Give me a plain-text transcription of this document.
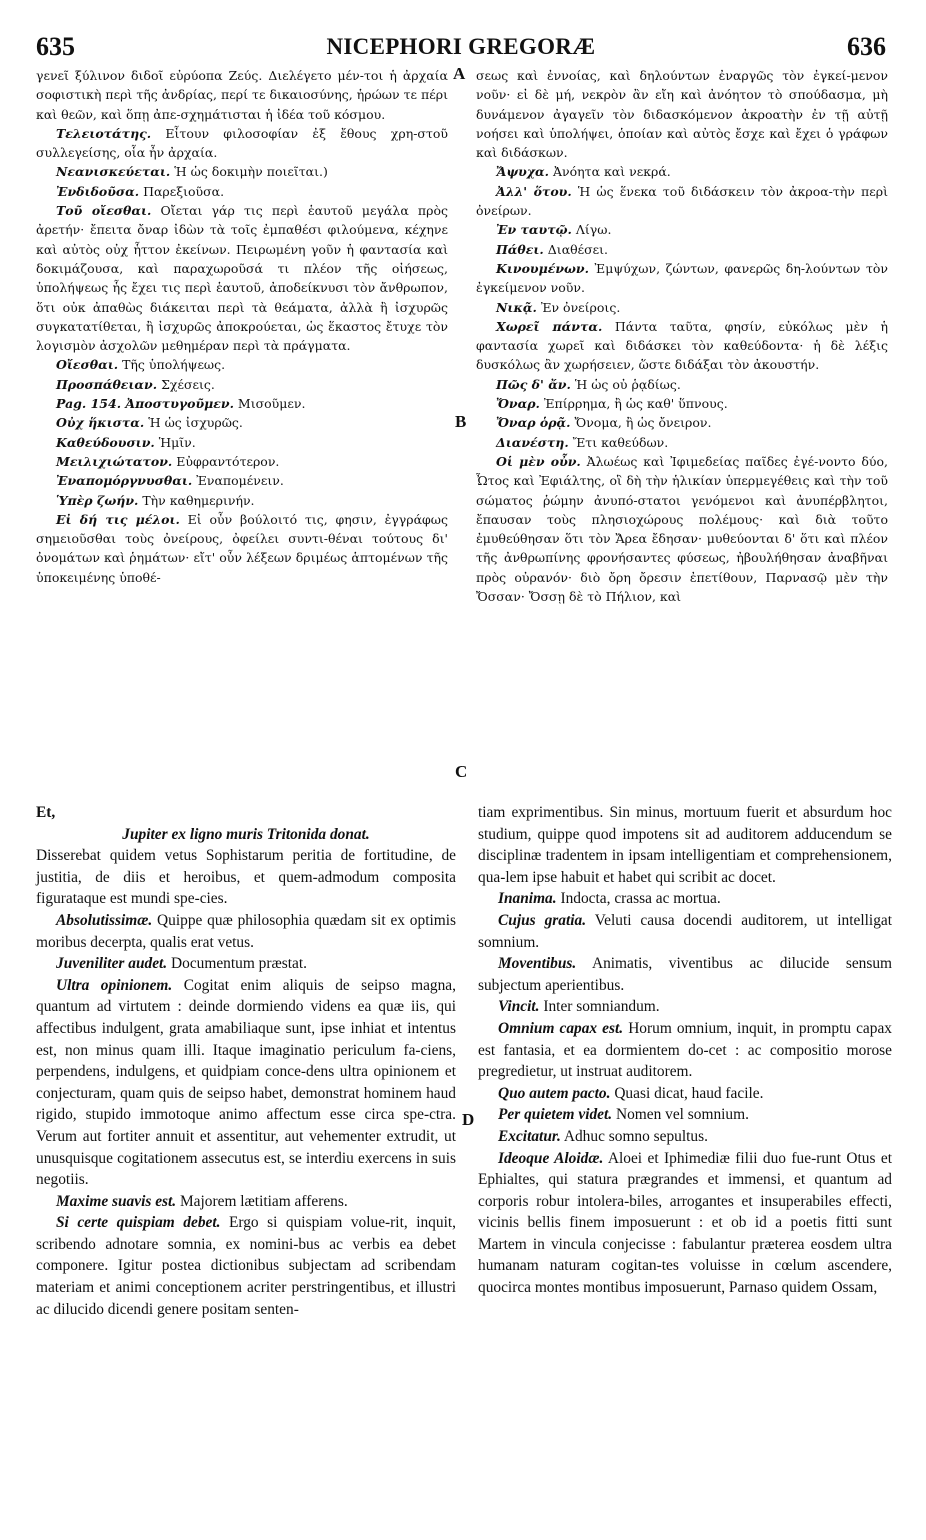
635	NICEPHORI GREGORÆ	636

γενεῖ ξύλινον διδοῖ εὐρύοπα Ζεύς. Διελέγετο μέν-τοι ἡ ἀρχαία σοφιστικὴ περὶ τῆς ἀνδρίας, περί τε δικαιοσύνης, ἡρώων τε πέρι καὶ θεῶν, καὶ ὅπῃ ἀπε-σχημάτισται ἡ ἰδέα τοῦ κόσμου.

Τελειοτάτης. Εἶτουν φιλοσοφίαν ἐξ ἔθους χρη-στοῦ συλλεγείσης, οἷα ἦν ἀρχαία.

Νεανισκεύεται. Ἡ ὡς δοκιμὴν ποιεῖται.)

Ἐνδιδοῦσα. Παρεξιοῦσα.

Τοῦ οἴεσθαι. Οἴεται γάρ τις περὶ ἑαυτοῦ μεγάλα πρὸς ἀρετήν· ἔπειτα ὄναρ ἰδὼν τὰ τοῖς ἐμπαθέσι φιλούμενα, κέχηνε καὶ αὐτὸς οὐχ ἧττον ἐκείνων. Πειρωμένη γοῦν ἡ φαντασία καὶ δοκιμάζουσα, καὶ παραχωροῦσά τι πλέον τῆς οἰήσεως, ὑπολήψεως ἧς ἔχει τις περὶ ἑαυτοῦ, ἀποδείκνυσι τὸν ἄνθρωπον, ὅτι οὐκ ἀπαθὼς διάκειται περὶ τὰ θεάματα, ἀλλὰ ἢ ἰσχυρῶς συγκατατίθεται, ἢ ἰσχυρῶς ἀποκρούεται, ὡς ἕκαστος ἔτυχε τὸν λογισμὸν ἀσχολῶν μεθημέραν περὶ τὰ πράγματα.

Οἴεσθαι. Τῆς ὑπολήψεως.

Προσπάθειαν. Σχέσεις.

Pag. 154. Ἀποστυγοῦμεν. Μισοῦμεν.

Οὐχ ἥκιστα. Ἡ ὡς ἰσχυρῶς.

Καθεύδουσιν. Ἡμῖν.

Μειλιχιώτατον. Εὐφραντότερον.

Ἐναπομόργνυσθαι. Ἐναπομένειν.

Ὑπὲρ ζωήν. Τὴν καθημερινήν.

Εἰ δή τις μέλοι. Εἰ οὖν βούλοιτό τις, φησιν, ἐγγράφως σημειοῦσθαι τοὺς ὀνείρους, ὀφείλει συντι-θέναι τούτους δι' ὀνομάτων καὶ ῥημάτων· εἴτ' οὖν λέξεων δριμέως ἁπτομένων τῆς ὑποκειμένης ὑποθέ-

σεως καὶ ἐννοίας, καὶ δηλούντων ἐναργῶς τὸν ἐγκεί-μενον νοῦν· εἰ δὲ μή, νεκρὸν ἂν εἴη καὶ ἀνόητον τὸ σπούδασμα, μὴ δυνάμενον ἀγαγεῖν τὸν διδασκόμενον ἀκροατὴν ἐν τῇ αὐτῇ νοήσει καὶ ὑπολήψει, ὁποίαν καὶ αὐτὸς ἔσχε καὶ ἔχει ὁ γράφων καὶ διδάσκων.

Ἄψυχα. Ἀνόητα καὶ νεκρά.

Ἀλλ' ὅτου. Ἡ ὡς ἕνεκα τοῦ διδάσκειν τὸν ἀκροα-τὴν περὶ ὀνείρων.

Ἐν ταυτῷ. Λίγω.

Πάθει. Διαθέσει.

Κινουμένων. Ἐμψύχων, ζώντων, φανερῶς δη-λούντων τὸν ἐγκείμενον νοῦν.

Νικᾷ. Ἐν ὀνείροις.

Χωρεῖ πάντα. Πάντα ταῦτα, φησίν, εὐκόλως μὲν ἡ φαντασία χωρεῖ καὶ διδάσκει τὸν καθεύδοντα· ἡ δὲ λέξις δυσκόλως ἂν χωρήσειεν, ὥστε διδάξαι τὸν ἀκουστήν.

Πῶς δ' ἄν. Ἡ ὡς οὐ ῥᾳδίως.

Ὄναρ. Ἐπίρρημα, ἢ ὡς καθ' ὕπνους.

Ὄναρ ὁρᾷ. Ὄνομα, ἢ ὡς ὄνειρον.

Διανέστη. Ἔτι καθεύδων.

Οἱ μὲν οὖν. Ἀλωέως καὶ Ἰφιμεδείας παῖδες ἐγέ-νοντο δύο, Ὦτος καὶ Ἐφιάλτης, οἳ δὴ τὴν ἡλικίαν ὑπερμεγέθεις καὶ τὴν τοῦ σώματος ῥώμην ἀνυπό-στατοι γενόμενοι καὶ ἀνυπέρβλητοι, ἔπαυσαν τοὺς πλησιοχώρους πολέμους· καὶ διὰ τοῦτο ἐμυθεύθησαν ὅτι τὸν Ἄρεα ἔδησαν· μυθεύονται δ' ὅτι καὶ πλέον τῆς ἀνθρωπίνης φρονήσαντες φύσεως, ἠβουλήθησαν ἀναβῆναι πρὸς οὐρανόν· διὸ ὄρη ὄρεσιν ἐπετίθουν, Παρνασῷ μὲν τὴν Ὄσσαν· Ὄσσῃ δὲ τὸ Πήλιον, καὶ

A
B
C
D

Et,

Jupiter ex ligno muris Tritonida donat.

Disserebat quidem vetus Sophistarum peritia de fortitudine, de justitia, de diis et heroibus, et quem-admodum composita figurataque est mundi spe-cies.

Absolutissimæ. Quippe quæ philosophia quædam sit ex optimis moribus decerpta, qualis erat vetus.

Juveniliter audet. Documentum præstat.

Ultra opinionem. Cogitat enim aliquis de seipso magna, quantum ad virtutem : deinde dormiendo videns ea quæ iis, qui affectibus indulgent, grata amabiliaque sunt, ipse inhiat et intentus est, non minus quam illi. Itaque imaginatio periculum fa-ciens, perpendens, indulgens, et quidpiam conce-dens ultra opinionem et conjecturam, quam quis de seipso habet, demonstrat hominem haud rigido, stupido immotoque animo affectum esse circa spe-ctra. Verum aut fortiter annuit et assentitur, aut vehementer extrudit, ut unusquisque cogitationem assecutus est, se interdiu exercens in suis negotiis.

Maxime suavis est. Majorem lætitiam afferens.

Si certe quispiam debet. Ergo si quispiam volue-rit, inquit, scribendo adnotare somnia, ex nomini-bus ac verbis ea debet componere. Igitur postea dictionibus subjectam ad scribendam materiam et animi conceptionem acriter perstringentibus, et illustri ac dilucido dicendi genere positam senten-

tiam exprimentibus. Sin minus, mortuum fuerit et absurdum hoc studium, quippe quod impotens sit ad auditorem adducendum se disciplinæ tradentem in ipsam intelligentiam et comprehensionem, qua-lem ipse habuit et habet qui scribit ac docet.

Inanima. Indocta, crassa ac mortua.

Cujus gratia. Veluti causa docendi auditorem, ut intelligat somnium.

Moventibus. Animatis, viventibus ac dilucide sensum subjectum aperientibus.

Vincit. Inter somniandum.

Omnium capax est. Horum omnium, inquit, in promptu capax est fantasia, et ea dormientem do-cet : ac compositio morose pregredietur, ut instruat auditorem.

Quo autem pacto. Quasi dicat, haud facile.

Per quietem videt. Nomen vel somnium.

Excitatur. Adhuc somno sepultus.

Ideoque Aloidæ. Aloei et Iphimediæ filii duo fue-runt Otus et Ephialtes, qui statura prægrandes et immensi, et quantum ad corporis robur intolera-biles, arrogantes et insuperabiles effecti, vicinis bellis finem imposuerunt : et ob id a poetis fitti sunt Martem in vincula conjecisse : fabulantur præterea eosdem ultra humanam naturam cogitan-tes voluisse in cœlum ascendere, quocirca montes montibus imposuerunt, Parnaso quidem Ossam,
